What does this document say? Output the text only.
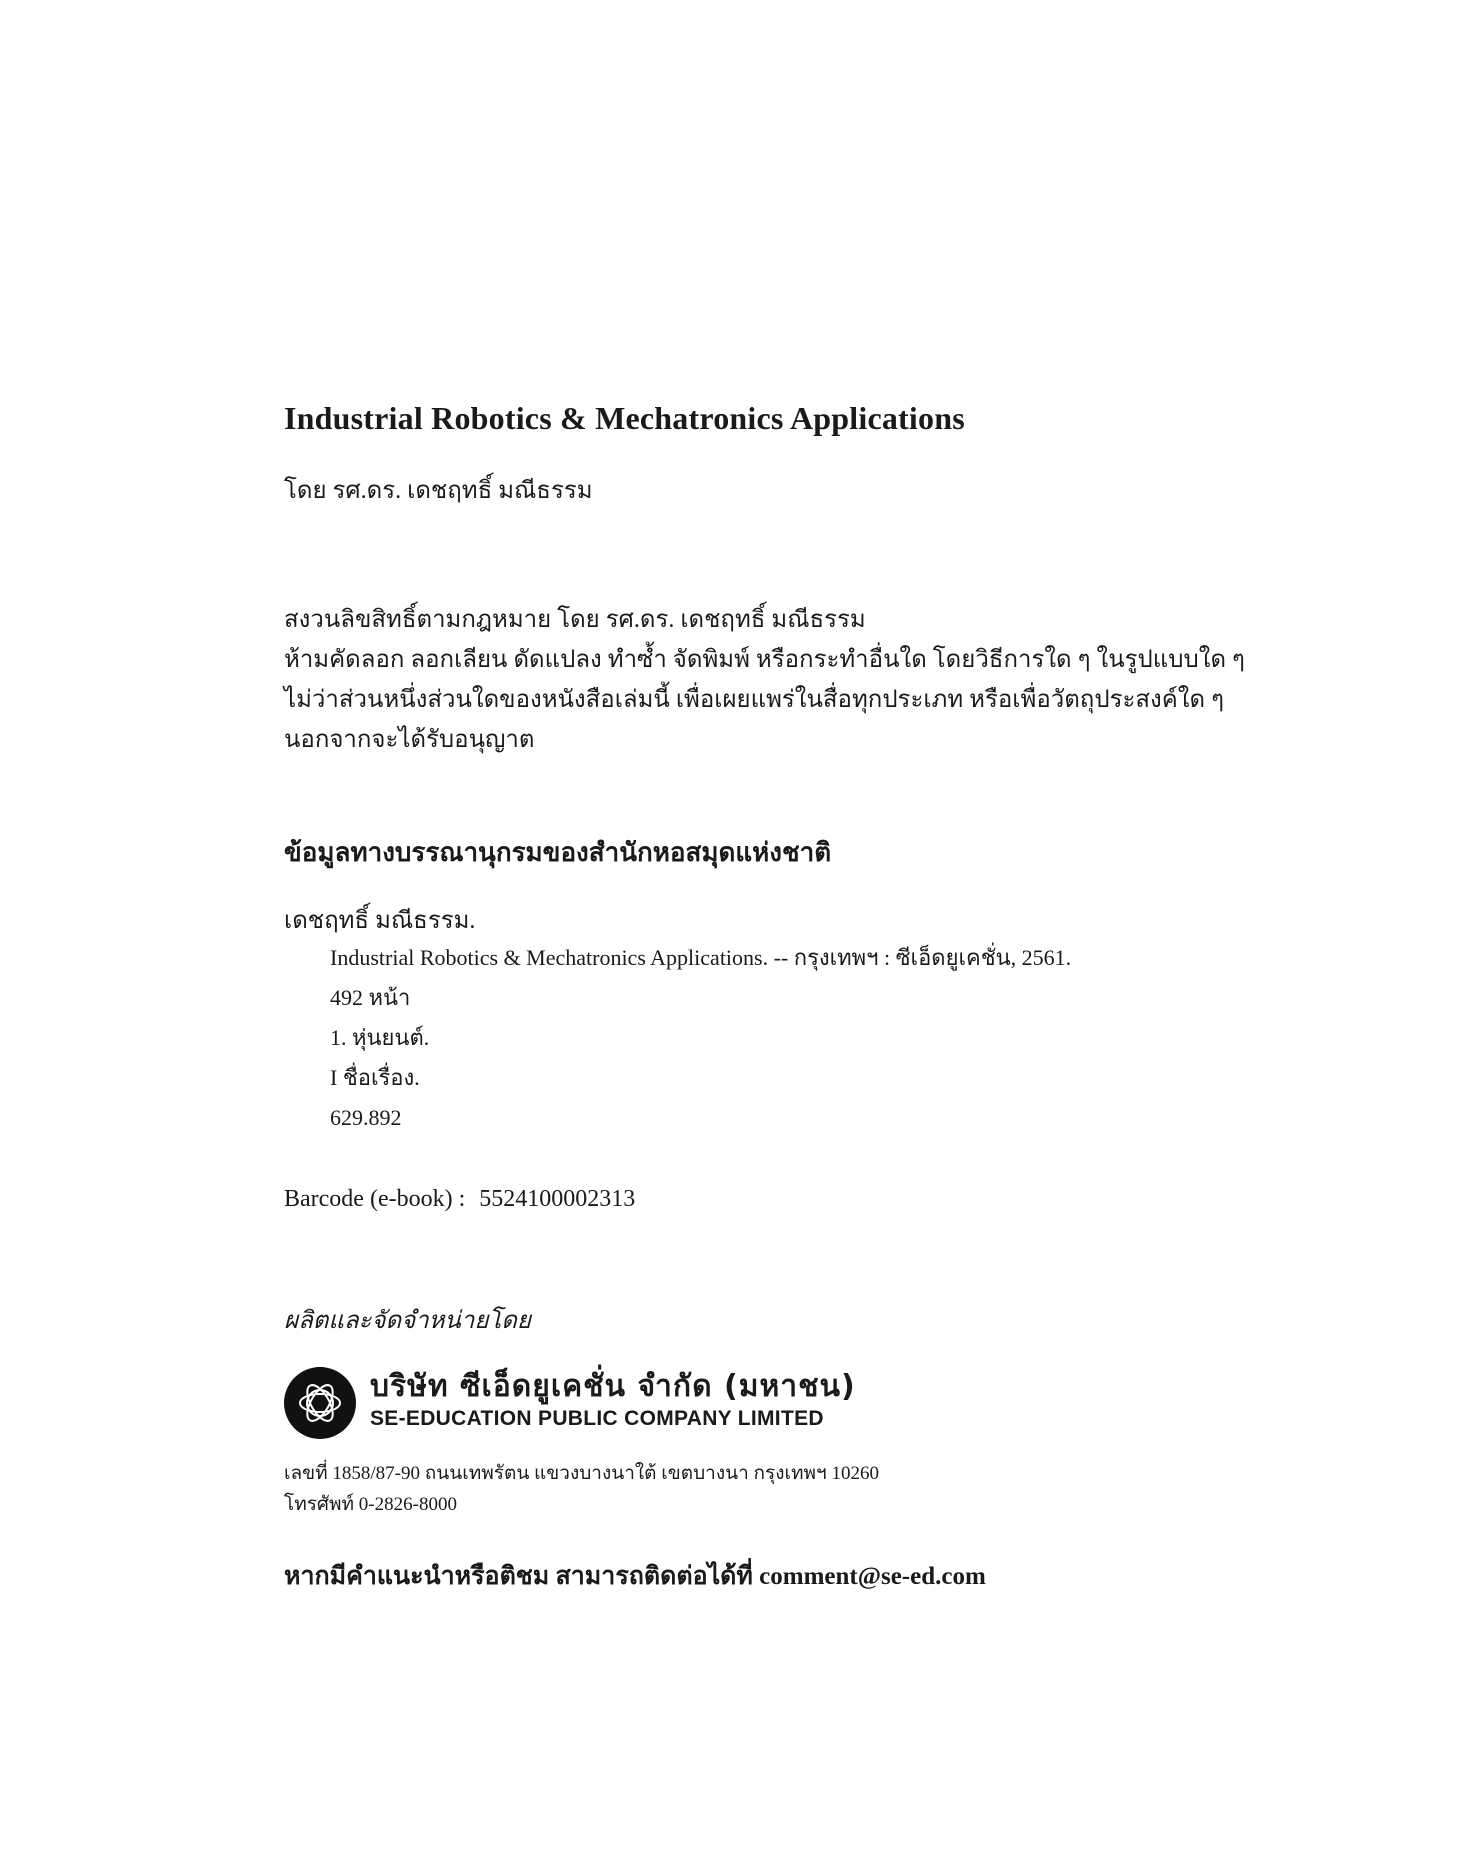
Industrial Robotics & Mechatronics Applications
โดย รศ.ดร. เดชฤทธิ์ มณีธรรม
สงวนลิขสิทธิ์ตามกฎหมาย โดย รศ.ดร. เดชฤทธิ์ มณีธรรม
ห้ามคัดลอก ลอกเลียน ดัดแปลง ทำซ้ำ จัดพิมพ์ หรือกระทำอื่นใด โดยวิธีการใด ๆ ในรูปแบบใด ๆ
ไม่ว่าส่วนหนึ่งส่วนใดของหนังสือเล่มนี้ เพื่อเผยแพร่ในสื่อทุกประเภท หรือเพื่อวัตถุประสงค์ใด ๆ
นอกจากจะได้รับอนุญาต
ข้อมูลทางบรรณานุกรมของสำนักหอสมุดแห่งชาติ
เดชฤทธิ์ มณีธรรม.
Industrial Robotics & Mechatronics Applications. -- กรุงเทพฯ : ซีเอ็ดยูเคชั่น, 2561.
492 หน้า
1. หุ่นยนต์.
I ชื่อเรื่อง.
629.892
Barcode (e-book) : 5524100002313
ผลิตและจัดจำหน่ายโดย
บริษัท ซีเอ็ดยูเคชั่น จำกัด (มหาชน)
SE-EDUCATION PUBLIC COMPANY LIMITED
เลขที่ 1858/87-90 ถนนเทพรัตน แขวงบางนาใต้ เขตบางนา กรุงเทพฯ 10260
โทรศัพท์ 0-2826-8000
หากมีคำแนะนำหรือติชม สามารถติดต่อได้ที่ comment@se-ed.com
